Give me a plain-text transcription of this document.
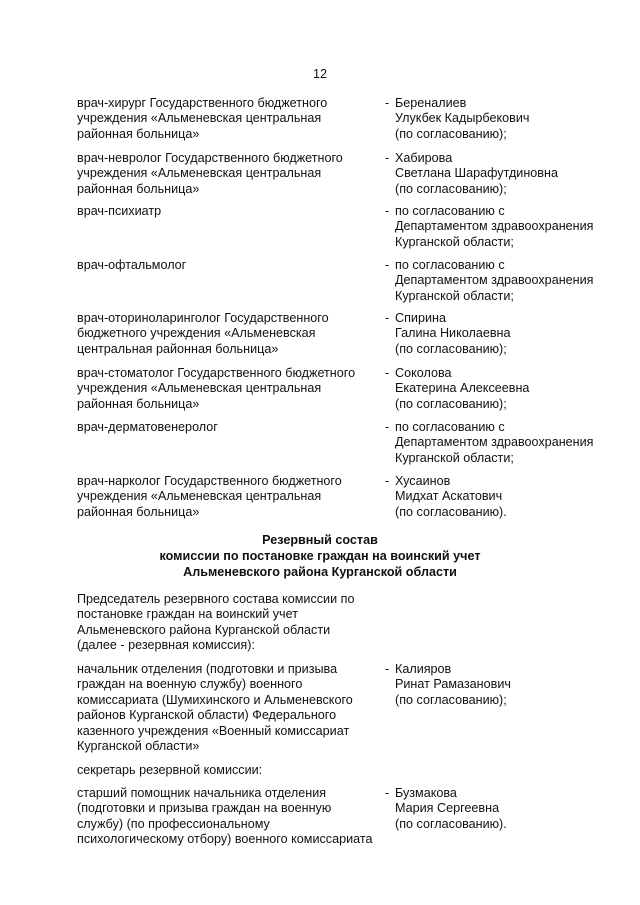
12
врач-хирург Государственного бюджетного
учреждения «Альменевская центральная
районная больница»
- Береналиев
Улукбек Кадырбекович
(по согласованию);
врач-невролог Государственного бюджетного
учреждения «Альменевская центральная
районная больница»
- Хабирова
Светлана Шарафутдиновна
(по согласованию);
врач-психиатр	- по согласованию с
Департаментом здравоохранения
Курганской области;
врач-офтальмолог	- по согласованию с
Департаментом здравоохранения
Курганской области;
врач-оториноларинголог Государственного
бюджетного учреждения «Альменевская
центральная районная больница»
- Спирина
Галина Николаевна
(по согласованию);
врач-стоматолог Государственного бюджетного
учреждения «Альменевская центральная
районная больница»
- Соколова
Екатерина Алексеевна
(по согласованию);
врач-дерматовенеролог	- по согласованию с
Департаментом здравоохранения
Курганской области;
врач-нарколог Государственного бюджетного
учреждения «Альменевская центральная
районная больница»
- Хусаинов
Мидхат Аскатович
(по согласованию).
Резервный состав
комиссии по постановке граждан на воинский учет
Альменевского района Курганской области
Председатель резервного состава комиссии по
постановке граждан на воинский учет
Альменевского района Курганской области
(далее - резервная комиссия):
начальник отделения (подготовки и призыва
граждан на военную службу) военного
комиссариата (Шумихинского и Альменевского
районов Курганской области) Федерального
казенного учреждения «Военный комиссариат
Курганской области»
- Калияров
Ринат Рамазанович
(по согласованию);
секретарь резервной комиссии:
старший помощник начальника отделения
(подготовки и призыва граждан на военную
службу) (по профессиональному
психологическому отбору) военного комиссариата
- Бузмакова
Мария Сергеевна
(по согласованию).
